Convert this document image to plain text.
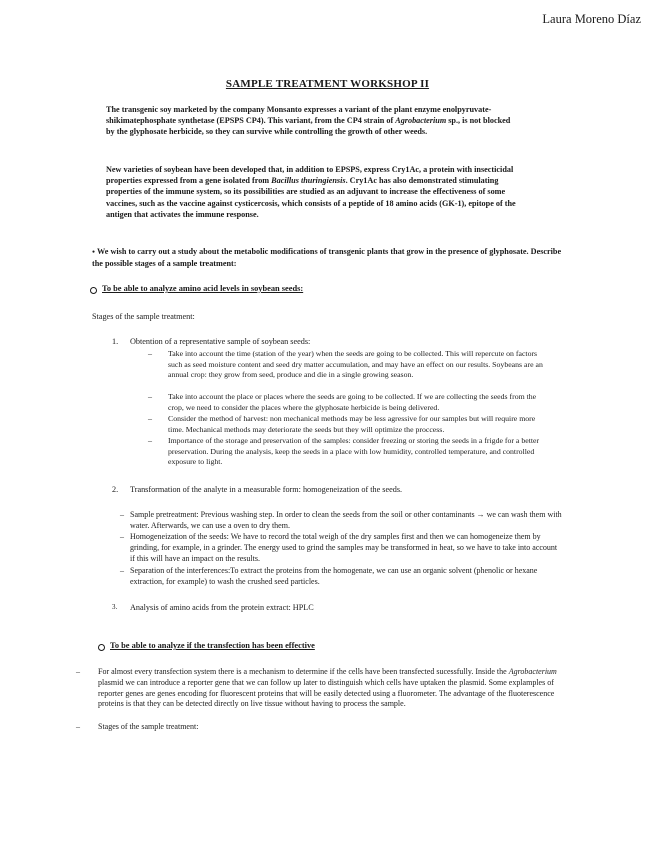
Laura Moreno Díaz
SAMPLE TREATMENT WORKSHOP II
The transgenic soy marketed by the company Monsanto expresses a variant of the plant enzyme enolpyruvate- shikimatephosphate synthetase (EPSPS CP4). This variant, from the CP4 strain of Agrobacterium sp., is not blocked by the glyphosate herbicide, so they can survive while controlling the growth of other weeds.
New varieties of soybean have been developed that, in addition to EPSPS, express Cry1Ac, a protein with insecticidal properties expressed from a gene isolated from Bacillus thuringiensis. Cry1Ac has also demonstrated stimulating properties of the immune system, so its possibilities are studied as an adjuvant to increase the effectiveness of some vaccines, such as the vaccine against cysticercosis, which consists of a peptide of 18 amino acids (GK-1), epitope of the antigen that activates the immune response.
● We wish to carry out a study about the metabolic modifications of transgenic plants that grow in the presence of glyphosate. Describe the possible stages of a sample treatment:
To be able to analyze amino acid levels in soybean seeds:
Stages of the sample treatment:
1. Obtention of a representative sample of soybean seeds:
– Take into account the time (station of the year) when the seeds are going to be collected. This will repercute on factors such as seed moisture content and seed dry matter accumulation, and may have an effect on our results. Soybeans are an annual crop: they grow from seed, produce and die in a single growing season.
– Take into account the place or places where the seeds are going to be collected. If we are collecting the seeds from the crop, we need to consider the places where the glyphosate herbicide is being delivered.
– Consider the method of harvest: non mechanical methods may be less agressive for our samples but will require more time. Mechanical methods may deteriorate the seeds but they will optimize the proccess.
– Importance of the storage and preservation of the samples: consider freezing or storing the seeds in a frigde for a better preservation. During the analysis, keep the seeds in a place with low humidity, controlled temperature, and controlled exposure to light.
2. Transformation of the analyte in a measurable form: homogeneization of the seeds.
– Sample pretreatment: Previous washing step. In order to clean the seeds from the soil or other contaminants → we can wash them with water. Afterwards, we can use a oven to dry them.
– Homogeneization of the seeds: We have to record the total weigh of the dry samples first and then we can homogeneize them by grinding, for example, in a grinder. The energy used to grind the samples may be transformed in heat, so we have to take into account if this will have an impact on the results.
– Separation of the interferences:To extract the proteins from the homogenate, we can use an organic solvent (phenolic or hexane extraction, for example) to wash the crushed seed particles.
3. Analysis of amino acids from the protein extract: HPLC
To be able to analyze if the transfection has been effective
– For almost every transfection system there is a mechanism to determine if the cells have been transfected sucessfully. Inside the Agrobacterium plasmid we can introduce a reporter gene that we can follow up later to distinguish which cells have uptaken the plasmid. Some explamples of reporter genes are genes encoding for fluorescent proteins that will be easily detected using a fluorometer. The advantage of the fluoterescence proteins is that they can be detected directly on live tissue without having to process the sample.
– Stages of the sample treatment:
